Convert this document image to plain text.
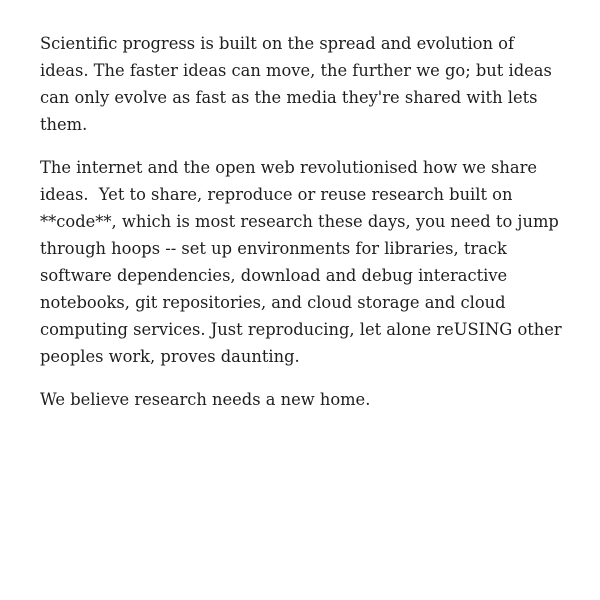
Scientific progress is built on the spread and evolution of ideas. The faster ideas can move, the further we go; but ideas can only evolve as fast as the media they're shared with lets them.

The internet and the open web revolutionised how we share ideas.  Yet to share, reproduce or reuse research built on **code**, which is most research these days, you need to jump through hoops -- set up environments for libraries, track software dependencies, download and debug interactive notebooks, git repositories, and cloud storage and cloud computing services. Just reproducing, let alone reUSING other peoples work, proves daunting.

We believe research needs a new home.
